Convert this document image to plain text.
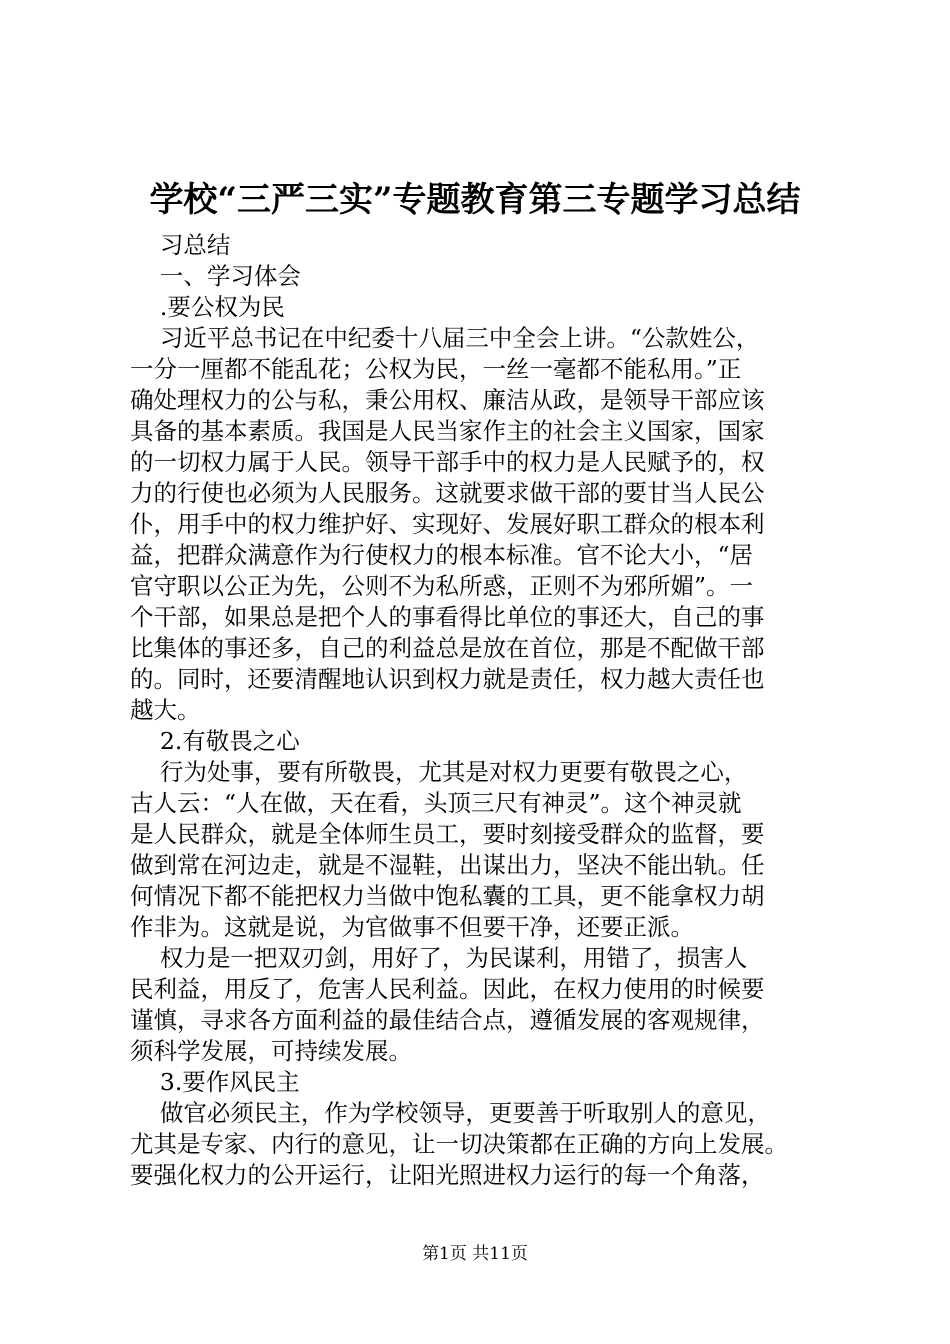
学校“三严三实”专题教育第三专题学习总结
习总结
一、学习体会
.要公权为民
习近平总书记在中纪委十八届三中全会上讲。“公款姓公，
一分一厘都不能乱花；公权为民，一丝一毫都不能私用。”正
确处理权力的公与私，秉公用权、廉洁从政，是领导干部应该
具备的基本素质。我国是人民当家作主的社会主义国家，国家
的一切权力属于人民。领导干部手中的权力是人民赋予的，权
力的行使也必须为人民服务。这就要求做干部的要甘当人民公
仆，用手中的权力维护好、实现好、发展好职工群众的根本利
益，把群众满意作为行使权力的根本标准。官不论大小，“居
官守职以公正为先，公则不为私所惑，正则不为邪所媚”。一
个干部，如果总是把个人的事看得比单位的事还大，自己的事
比集体的事还多，自己的利益总是放在首位，那是不配做干部
的。同时，还要清醒地认识到权力就是责任，权力越大责任也
越大。
2.有敬畏之心
行为处事，要有所敬畏，尤其是对权力更要有敬畏之心，
古人云：“人在做，天在看，头顶三尺有神灵”。这个神灵就
是人民群众，就是全体师生员工，要时刻接受群众的监督，要
做到常在河边走，就是不湿鞋，出谋出力，坚决不能出轨。任
何情况下都不能把权力当做中饱私囊的工具，更不能拿权力胡
作非为。这就是说，为官做事不但要干净，还要正派。
权力是一把双刃剑，用好了，为民谋利，用错了，损害人
民利益，用反了，危害人民利益。因此，在权力使用的时候要
谨慎，寻求各方面利益的最佳结合点，遵循发展的客观规律，
须科学发展，可持续发展。
3.要作风民主
做官必须民主，作为学校领导，更要善于听取别人的意见，
尤其是专家、内行的意见，让一切决策都在正确的方向上发展。
要强化权力的公开运行，让阳光照进权力运行的每一个角落，
第1页 共11页
